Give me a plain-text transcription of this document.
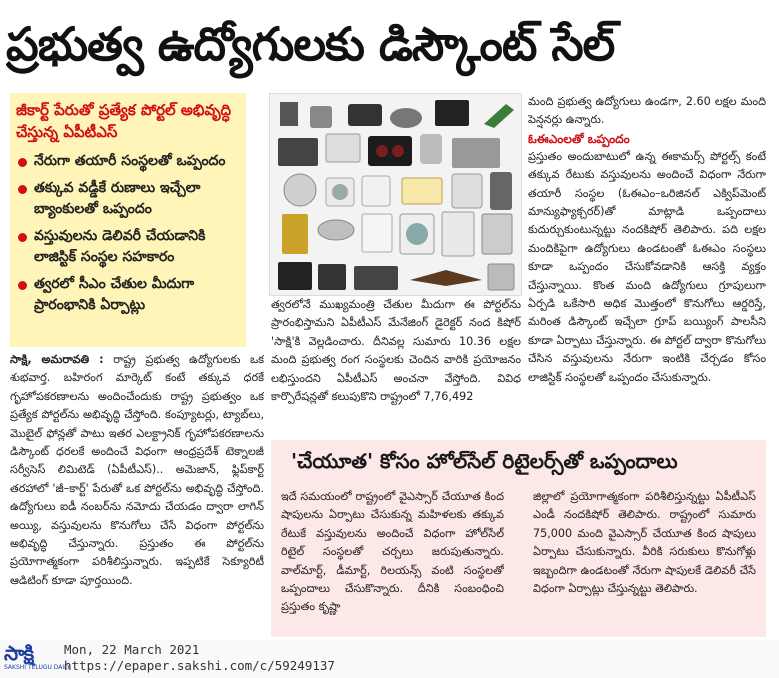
ప్రభుత్వ ఉద్యోగులకు డిస్కౌంట్ సేల్
జీకార్ట్ పేరుతో ప్రత్యేక పోర్టల్ అభివృద్ధి చేస్తున్న ఏపీటీఎస్
నేరుగా తయారీ సంస్థలతో ఒప్పందం
తక్కువ వడ్డీకే రుణాలు ఇచ్చేలా బ్యాంకులతో ఒప్పందం
వస్తువులను డెలివరీ చేయడానికి లాజిస్టిక్ సంస్థల సహకారం
త్వరలో సీఎం చేతుల మీదుగా ప్రారంభానికి ఏర్పాట్లు
సాక్షి, అమరావతి : రాష్ట్ర ప్రభుత్వ ఉద్యోగులకు ఒక శుభవార్త. బహిరంగ మార్కెట్ కంటే తక్కువ ధరకే గృహోపకరణాలను అందించేందుకు రాష్ట్ర ప్రభుత్వం ఒక ప్రత్యేక పోర్టల్‌ను అభివృద్ధి చేస్తోంది. కంప్యూటర్లు, ట్యాబ్‌లు, మొబైల్ ఫోన్లతో పాటు ఇతర ఎలక్ట్రానిక్ గృహోపకరణాలను డిస్కౌంట్ ధరలకే అందించే విధంగా ఆంధ్రప్రదేశ్ టెక్నాలజీ సర్వీసెస్ లిమిటెడ్ (ఏపీటీఎస్).. అమెజాన్, ఫ్లిప్‌కార్ట్ తరహాలో 'జీ–కార్ట్' పేరుతో ఒక పోర్టల్‌ను అభివృద్ధి చేస్తోంది. ఉద్యోగులు ఐడీ నంబర్‌ను నమోదు చేయడం ద్వారా లాగిన్ అయ్యి, వస్తువులను కొనుగోలు చేసే విధంగా పోర్టల్‌ను అభివృద్ధి చేస్తున్నారు. ప్రస్తుతం ఈ పోర్టల్‌ను ప్రయోగాత్మకంగా పరిశీలిస్తున్నారు. ఇప్పటికే సెక్యూరిటీ ఆడిటింగ్ కూడా పూర్తయింది.
త్వరలోనే ముఖ్యమంత్రి చేతుల మీదుగా ఈ పోర్టల్‌ను ప్రారంభిస్తామని ఏపీటీఎస్ మేనేజింగ్ డైరెక్టర్ నంద కిషోర్ 'సాక్షి'కి వెల్లడించారు. దీనివల్ల సుమారు 10.36 లక్షల మంది ప్రభుత్వ రంగ సంస్థలకు చెందిన వారికి ప్రయోజనం లభిస్తుందని ఏపీటీఎస్ అంచనా వేస్తోంది. వివిధ కార్పొరేషన్లతో కలుపుకొని రాష్ట్రంలో 7,76,492
మంది ప్రభుత్వ ఉద్యోగులు ఉండగా, 2.60 లక్షల మంది పెన్షనర్లు ఉన్నారు.
ఓఈఎంలతో ఒప్పందం
ప్రస్తుతం అందుబాటులో ఉన్న ఈకామర్స్ పోర్టల్స్ కంటే తక్కువ రేటుకు వస్తువులను అందించే విధంగా నేరుగా తయారీ సంస్థల (ఓఈఎం–ఒరిజినల్ ఎక్విప్‌మెంట్ మాన్యుఫ్యాక్చరర్)తో మాట్లాడి ఒప్పందాలు కుదుర్చుకుంటున్నట్టు నందకిషోర్ తెలిపారు. పది లక్షల మందికిపైగా ఉద్యోగులు ఉండటంతో ఓఈఎం సంస్థలు కూడా ఒప్పందం చేసుకోవడానికి ఆసక్తి వ్యక్తం చేస్తున్నాయి. కొంత మంది ఉద్యోగులు గ్రూపులుగా ఏర్పడి ఒకేసారి అధిక మొత్తంలో కొనుగోలు ఆర్డరిస్తే, మరింత డిస్కౌంట్ ఇచ్చేలా గ్రూప్ బయ్యింగ్ పాలసీని కూడా ఏర్పాటు చేస్తున్నారు. ఈ పోర్టల్ ద్వారా కొనుగోలు చేసిన వస్తువులను నేరుగా ఇంటికి చేర్చడం కోసం లాజిస్టిక్ సంస్థలతో ఒప్పందం చేసుకున్నారు.
'చేయూత' కోసం హోల్‌సేల్ రిటైలర్స్‌తో ఒప్పందాలు
ఇదే సమయంలో రాష్ట్రంలో వైఎస్సార్ చేయూత కింద షాపులను ఏర్పాటు చేసుకున్న మహిళలకు తక్కువ రేటుకే వస్తువులను అందించే విధంగా హోల్‌సేల్ రిటైల్ సంస్థలతో చర్చలు జరుపుతున్నారు. వాల్‌మార్ట్, డీమార్ట్, రిలయన్స్ వంటి సంస్థలతో ఒప్పందాలు చేసుకొన్నారు. దీనికి సంబంధించి ప్రస్తుతం కృష్ణా
జిల్లాలో ప్రయోగాత్మకంగా పరిశీలిస్తున్నట్టు ఏపీటీఎస్ ఎండీ నందకిషోర్ తెలిపారు. రాష్ట్రంలో సుమారు 75,000 మంది వైఎస్సార్ చేయూత కింద షాపులు ఏర్పాటు చేసుకున్నారు. వీరికి సరుకులు కొనుగోళ్లు ఇబ్బందిగా ఉండటంతో నేరుగా షాపులకే డెలివరీ చేసే విధంగా ఏర్పాట్లు చేస్తున్నట్టు తెలిపారు.
సాక్షి
SAKSHI TELUGU DAILY
Mon, 22 March 2021
https://epaper.sakshi.com/c/59249137
